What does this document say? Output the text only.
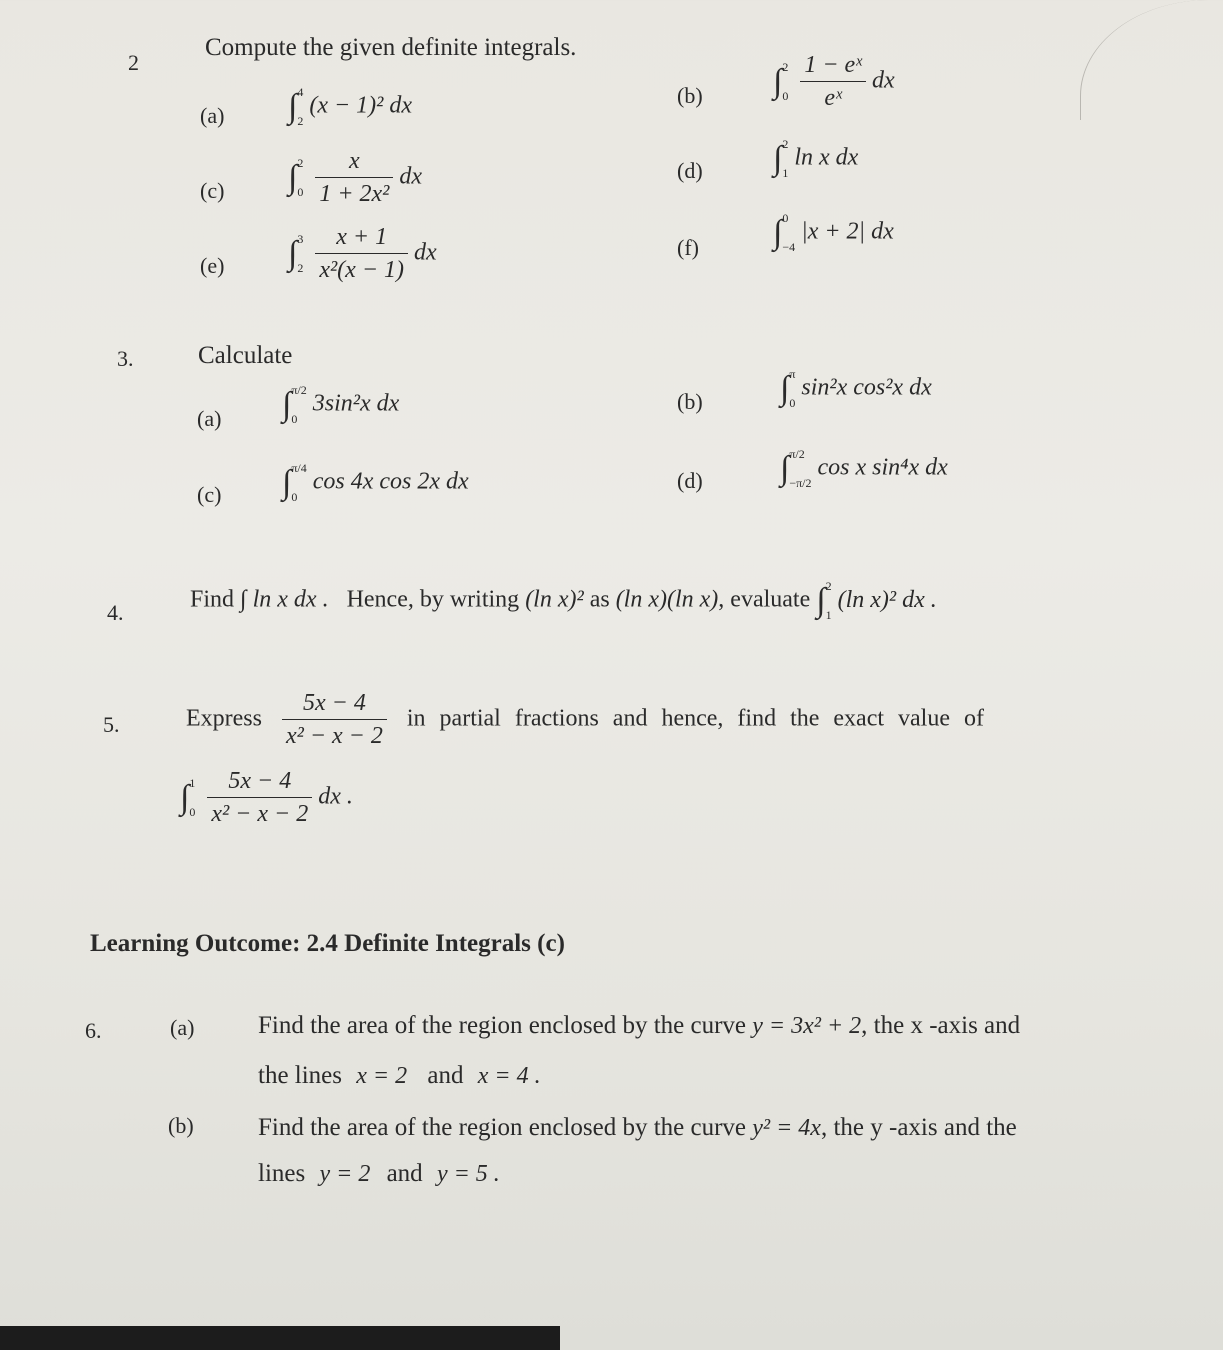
2
Compute the given definite integrals.
(a) ∫ 4
2
(x − 1)² dx	(b) ∫ 2
$0 \frac{\text{1 − eˣ}}{\text{eˣ}}$ dx
(c) ∫ 2
$0 \frac{x}{\text{1 + 2x²}}$ dx	(d) ∫ 2
1
ln x dx
(e) ∫ 3
$2 \frac{x + 1}{\text{x²(x − 1)}}$ dx	(f) ∫ 0
−4
|x + 2| dx
3.	Calculate
(a) ∫ π/2
0
3sin²x dx	(b) ∫ π
0
sin²x cos²x dx
(c) ∫ π/4
0
cos 4x cos 2x dx	(d) ∫ π/2
−π/2
cos x sin⁴x dx
4.	Find ∫ ln x dx . Hence, by writing (ln x)² as (ln x)(ln x), evaluate ∫ 2
1
(ln x)² dx .
5.	Express $\frac{5x - 4}{\text{x² − x − 2}}$ in partial fractions and hence, find the exact value of
∫ 1
$0 \frac{5x - 4}{\text{x² − x − 2}}$ dx .
Learning Outcome: 2.4 Definite Integrals (c)
6.	(a)	Find the area of the region enclosed by the curve y = 3x² + 2, the x -axis and
the lines x = 2 and x = 4 .
(b)	Find the area of the region enclosed by the curve y² = 4x, the y -axis and the
lines y = 2 and y = 5 .
